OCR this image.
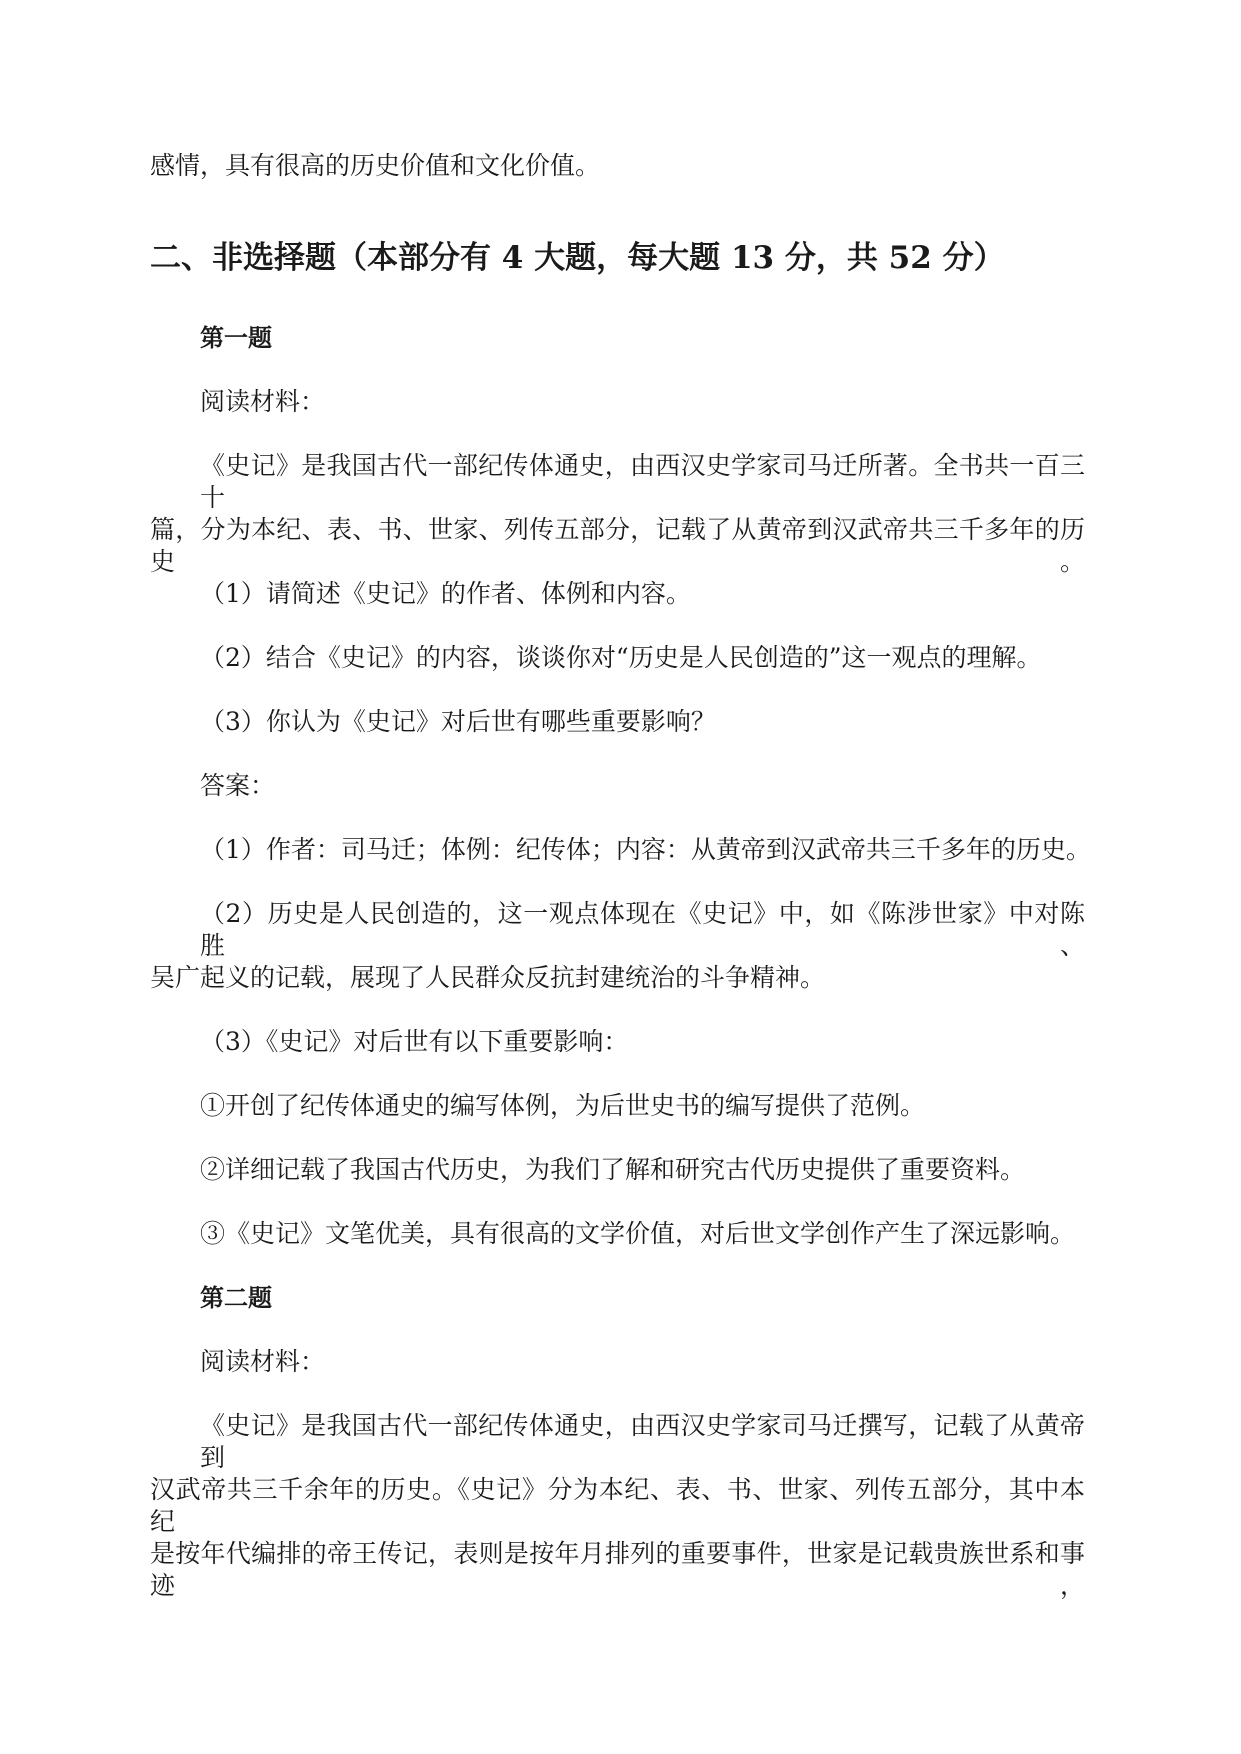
感情，具有很高的历史价值和文化价值。
二、非选择题（本部分有 4 大题，每大题 13 分，共 52 分）
第一题
阅读材料：
《史记》是我国古代一部纪传体通史，由西汉史学家司马迁所著。全书共一百三十
篇，分为本纪、表、书、世家、列传五部分，记载了从黄帝到汉武帝共三千多年的历史。
（1）请简述《史记》的作者、体例和内容。
（2）结合《史记》的内容，谈谈你对“历史是人民创造的”这一观点的理解。
（3）你认为《史记》对后世有哪些重要影响？
答案：
（1）作者：司马迁；体例：纪传体；内容：从黄帝到汉武帝共三千多年的历史。
（2）历史是人民创造的，这一观点体现在《史记》中，如《陈涉世家》中对陈胜、
吴广起义的记载，展现了人民群众反抗封建统治的斗争精神。
（3）《史记》对后世有以下重要影响：
①开创了纪传体通史的编写体例，为后世史书的编写提供了范例。
②详细记载了我国古代历史，为我们了解和研究古代历史提供了重要资料。
③《史记》文笔优美，具有很高的文学价值，对后世文学创作产生了深远影响。
第二题
阅读材料：
《史记》是我国古代一部纪传体通史，由西汉史学家司马迁撰写，记载了从黄帝到
汉武帝共三千余年的历史。《史记》分为本纪、表、书、世家、列传五部分，其中本纪
是按年代编排的帝王传记，表则是按年月排列的重要事件，世家是记载贵族世系和事迹，
